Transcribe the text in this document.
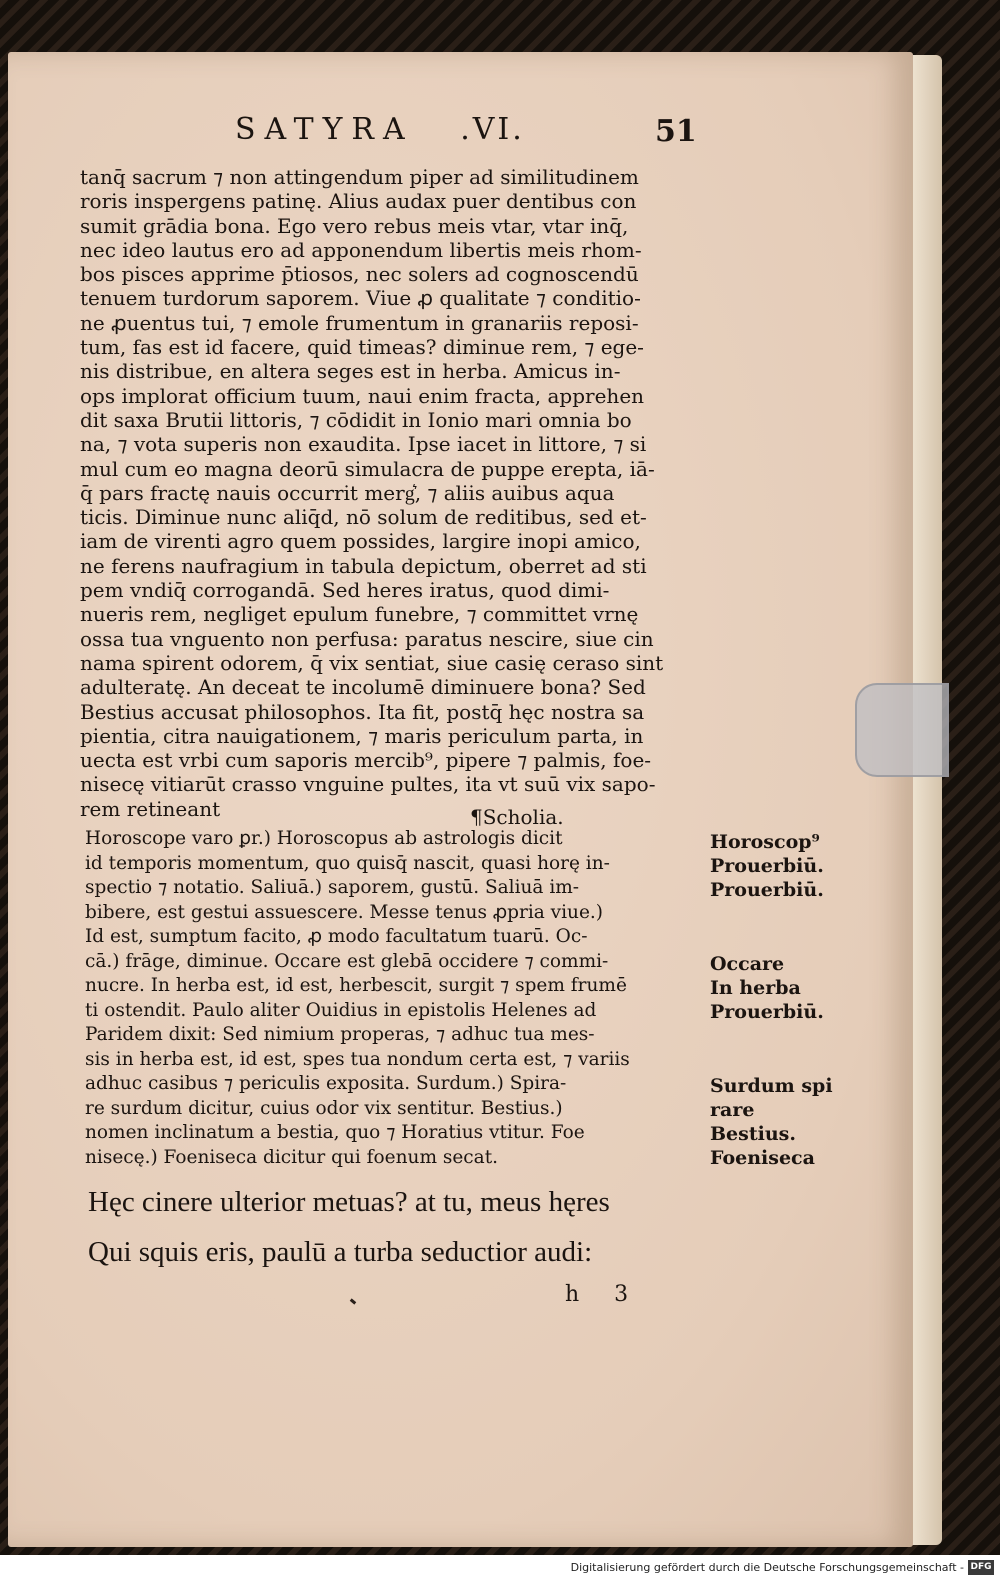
SATYRA .VI.	51
tanq̄ sacrum ⁊ non attingendum piper ad similitudinem
roris inspergens patinę. Alius audax puer dentibus con
sumit grādia bona. Ego vero rebus meis vtar, vtar inq̄,
nec ideo lautus ero ad apponendum libertis meis rhom-
bos pisces apprime p̄tiosos, nec solers ad cognoscendū
tenuem turdorum saporem. Viue ꝓ qualitate ⁊ conditio-
ne ꝓuentus tui, ⁊ emole frumentum in granariis reposi-
tum, fas est id facere, quid timeas? diminue rem, ⁊ ege-
nis distribue, en altera seges est in herba. Amicus in-
ops implorat officium tuum, naui enim fracta, apprehen
dit saxa Brutii littoris, ⁊ cōdidit in Ionio mari omnia bo
na, ⁊ vota superis non exaudita. Ipse iacet in littore, ⁊ si
mul cum eo magna deorū simulacra de puppe erepta, iā-
q̄ pars fractę nauis occurrit merg͛, ⁊ aliis auibus aqua
ticis. Diminue nunc aliq̄d, nō solum de reditibus, sed et-
iam de virenti agro quem possides, largire inopi amico,
ne ferens naufragium in tabula depictum, oberret ad sti
pem vndiq̄ corrogandā. Sed heres iratus, quod dimi-
nueris rem, negliget epulum funebre, ⁊ committet vrnę
ossa tua vnguento non perfusa: paratus nescire, siue cin
nama spirent odorem, q̄ vix sentiat, siue casię ceraso sint
adulteratę. An deceat te incolumē diminuere bona? Sed
Bestius accusat philosophos. Ita fit, postq̄ hęc nostra sa
pientia, citra nauigationem, ⁊ maris periculum parta, in
uecta est vrbi cum saporis mercib⁹, pipere ⁊ palmis, foe-
nisecę vitiarūt crasso vnguine pultes, ita vt suū vix sapo-
rem retineant	¶Scholia.
Horoscope varo ꝑr.) Horoscopus ab astrologis dicit
id temporis momentum, quo quisq̄ nascit, quasi horę in-
spectio ⁊ notatio. Saliuā.) saporem, gustū. Saliuā im-
bibere, est gestui assuescere. Messe tenus ꝓpria viue.)
Id est, sumptum facito, ꝓ modo facultatum tuarū. Oc-
cā.) frāge, diminue. Occare est glebā occidere ⁊ commi-
nucre. In herba est, id est, herbescit, surgit ⁊ spem frumē
ti ostendit. Paulo aliter Ouidius in epistolis Helenes ad
Paridem dixit: Sed nimium properas, ⁊ adhuc tua mes-
sis in herba est, id est, spes tua nondum certa est, ⁊ variis
adhuc casibus ⁊ periculis exposita. Surdum.) Spira-
re surdum dicitur, cuius odor vix sentitur. Bestius.)
nomen inclinatum a bestia, quo ⁊ Horatius vtitur. Foe
nisecę.) Foeniseca dicitur qui foenum secat.
Horoscop⁹
Prouerbiū.
Prouerbiū.
Occare
In herba
Prouerbiū.
Surdum spi
rare
Bestius.
Foeniseca
Hęc cinere ulterior metuas? at tu, meus hęres
Qui squis eris, paulū a turba seductior audi:
h 3
Digitalisierung gefördert durch die Deutsche Forschungsgemeinschaft - DFG
